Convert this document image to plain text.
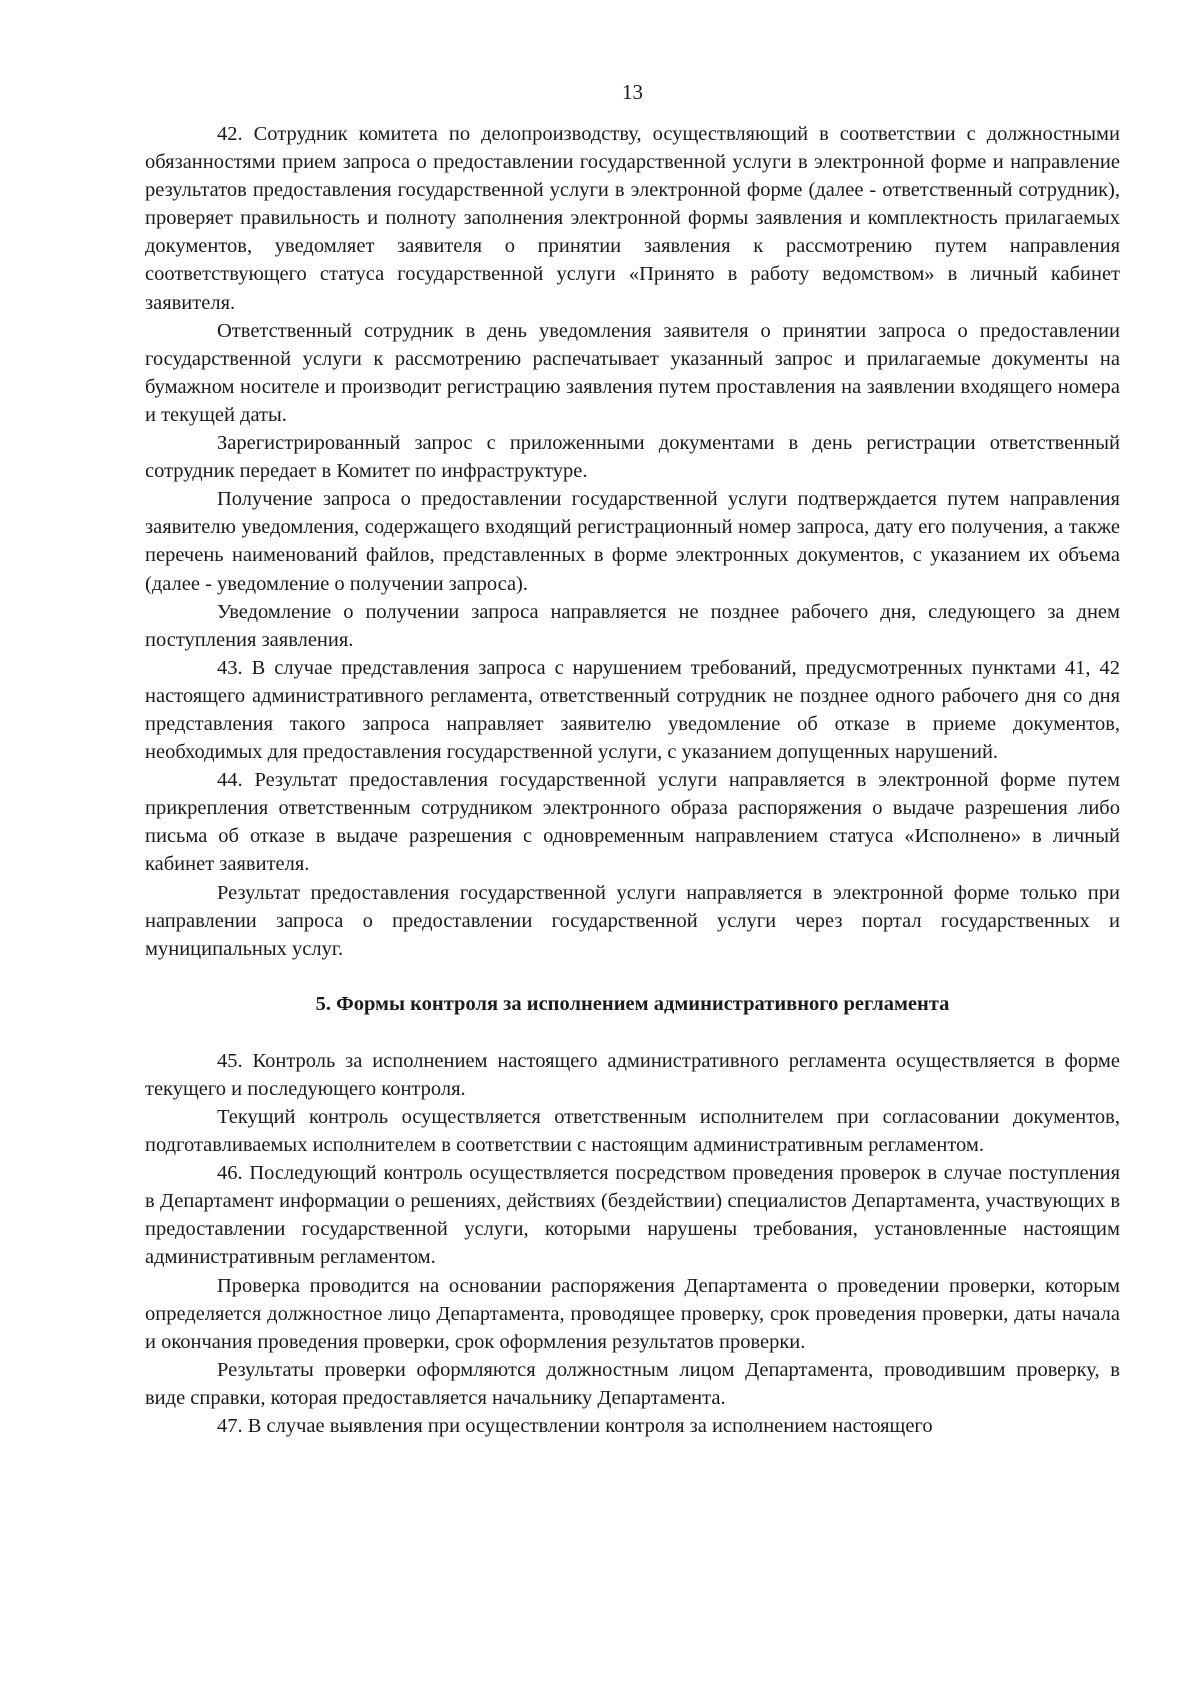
13

42. Сотрудник комитета по делопроизводству, осуществляющий в соответствии с должностными обязанностями прием запроса о предоставлении государственной услуги в электронной форме и направление результатов предоставления государственной услуги в электронной форме (далее - ответственный сотрудник), проверяет правильность и полноту заполнения электронной формы заявления и комплектность прилагаемых документов, уведомляет заявителя о принятии заявления к рассмотрению путем направления соответствующего статуса государственной услуги «Принято в работу ведомством» в личный кабинет заявителя.

Ответственный сотрудник в день уведомления заявителя о принятии запроса о предоставлении государственной услуги к рассмотрению распечатывает указанный запрос и прилагаемые документы на бумажном носителе и производит регистрацию заявления путем проставления на заявлении входящего номера и текущей даты.

Зарегистрированный запрос с приложенными документами в день регистрации ответственный сотрудник передает в Комитет по инфраструктуре.

Получение запроса о предоставлении государственной услуги подтверждается путем направления заявителю уведомления, содержащего входящий регистрационный номер запроса, дату его получения, а также перечень наименований файлов, представленных в форме электронных документов, с указанием их объема (далее - уведомление о получении запроса).

Уведомление о получении запроса направляется не позднее рабочего дня, следующего за днем поступления заявления.

43. В случае представления запроса с нарушением требований, предусмотренных пунктами 41, 42 настоящего административного регламента, ответственный сотрудник не позднее одного рабочего дня со дня представления такого запроса направляет заявителю уведомление об отказе в приеме документов, необходимых для предоставления государственной услуги, с указанием допущенных нарушений.

44. Результат предоставления государственной услуги направляется в электронной форме путем прикрепления ответственным сотрудником электронного образа распоряжения о выдаче разрешения либо письма об отказе в выдаче разрешения с одновременным направлением статуса «Исполнено» в личный кабинет заявителя.

Результат предоставления государственной услуги направляется в электронной форме только при направлении запроса о предоставлении государственной услуги через портал государственных и муниципальных услуг.

5. Формы контроля за исполнением административного регламента

45. Контроль за исполнением настоящего административного регламента осуществляется в форме текущего и последующего контроля.

Текущий контроль осуществляется ответственным исполнителем при согласовании документов, подготавливаемых исполнителем в соответствии с настоящим административным регламентом.

46. Последующий контроль осуществляется посредством проведения проверок в случае поступления в Департамент информации о решениях, действиях (бездействии) специалистов Департамента, участвующих в предоставлении государственной услуги, которыми нарушены требования, установленные настоящим административным регламентом.

Проверка проводится на основании распоряжения Департамента о проведении проверки, которым определяется должностное лицо Департамента, проводящее проверку, срок проведения проверки, даты начала и окончания проведения проверки, срок оформления результатов проверки.

Результаты проверки оформляются должностным лицом Департамента, проводившим проверку, в виде справки, которая предоставляется начальнику Департамента.

47. В случае выявления при осуществлении контроля за исполнением настоящего
